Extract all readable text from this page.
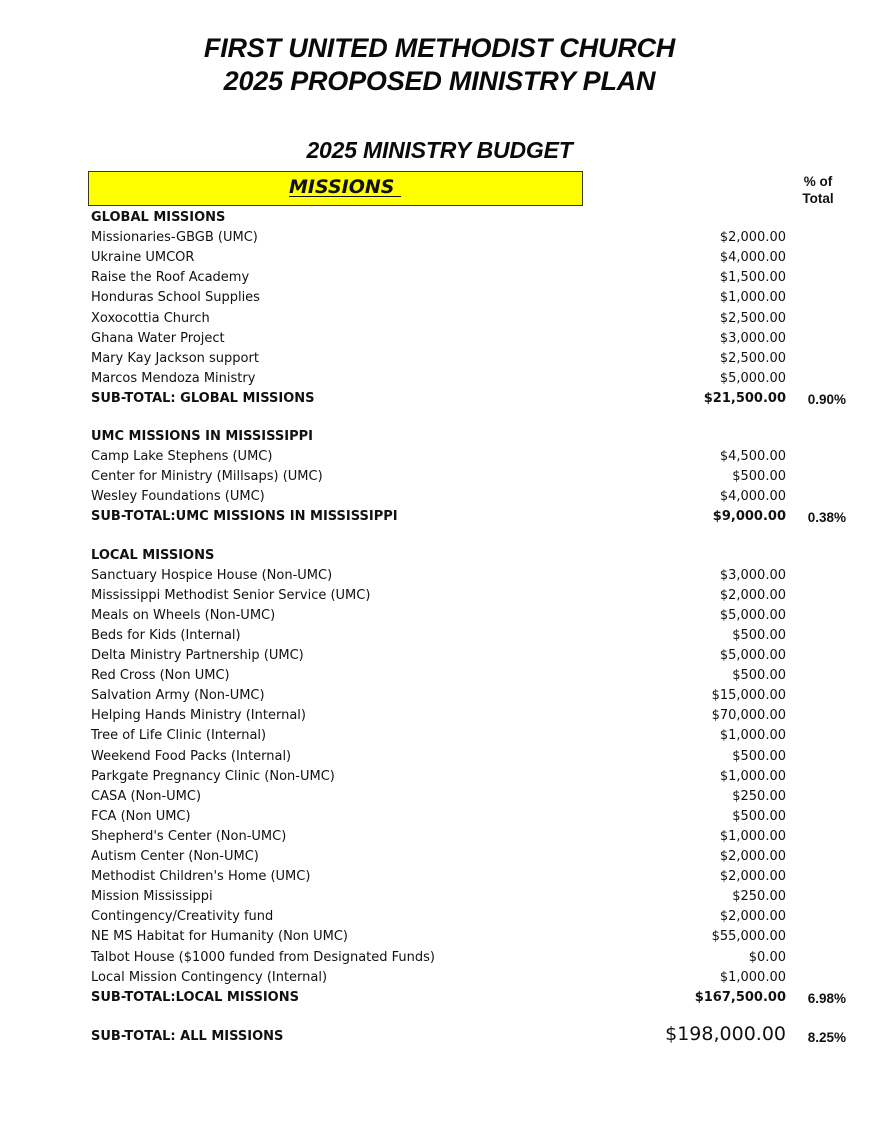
FIRST UNITED METHODIST CHURCH
2025 PROPOSED MINISTRY PLAN
2025 MINISTRY BUDGET
MISSIONS	% of
Total
GLOBAL MISSIONS
Missionaries-GBGB (UMC)	$2,000.00
Ukraine UMCOR	$4,000.00
Raise the Roof Academy	$1,500.00
Honduras School Supplies	$1,000.00
Xoxocottia Church	$2,500.00
Ghana Water Project	$3,000.00
Mary Kay Jackson support	$2,500.00
Marcos Mendoza Ministry	$5,000.00
SUB-TOTAL: GLOBAL MISSIONS	$21,500.00 0.90%
UMC MISSIONS IN MISSISSIPPI
Camp Lake Stephens (UMC)	$4,500.00
Center for Ministry (Millsaps) (UMC)	$500.00
Wesley Foundations (UMC)	$4,000.00
SUB-TOTAL:UMC MISSIONS IN MISSISSIPPI	$9,000.00 0.38%
LOCAL MISSIONS
Sanctuary Hospice House (Non-UMC)	$3,000.00
Mississippi Methodist Senior Service (UMC)	$2,000.00
Meals on Wheels (Non-UMC)	$5,000.00
Beds for Kids (Internal)	$500.00
Delta Ministry Partnership (UMC)	$5,000.00
Red Cross (Non UMC)	$500.00
Salvation Army (Non-UMC)	$15,000.00
Helping Hands Ministry (Internal)	$70,000.00
Tree of Life Clinic (Internal)	$1,000.00
Weekend Food Packs (Internal)	$500.00
Parkgate Pregnancy Clinic (Non-UMC)	$1,000.00
CASA (Non-UMC)	$250.00
FCA (Non UMC)	$500.00
Shepherd's Center (Non-UMC)	$1,000.00
Autism Center (Non-UMC)	$2,000.00
Methodist Children's Home (UMC)	$2,000.00
Mission Mississippi	$250.00
Contingency/Creativity fund	$2,000.00
NE MS Habitat for Humanity (Non UMC)	$55,000.00
Talbot House ($1000 funded from Designated Funds)	$0.00
Local Mission Contingency (Internal)	$1,000.00
SUB-TOTAL:LOCAL MISSIONS	$167,500.00 6.98%
SUB-TOTAL: ALL MISSIONS	$198,000.00 8.25%
